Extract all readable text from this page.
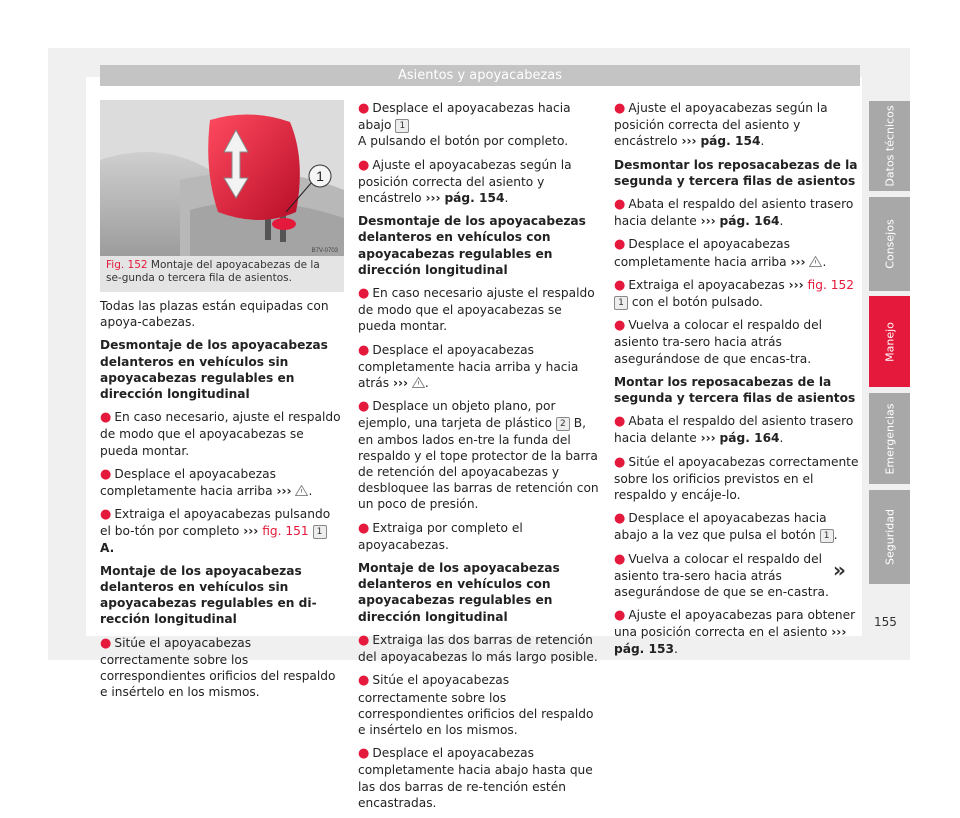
Asientos y apoyacabezas
Datos técnicos
Consejos
Manejo
Emergencias
Seguridad
1
B7V-0703
Fig. 152 Montaje del apoyacabezas de la se-gunda o tercera fila de asientos.

Todas las plazas están equipadas con apoya-cabezas.

Desmontaje de los apoyacabezas delanteros en vehículos sin apoyacabezas regulables en dirección longitudinal

● En caso necesario, ajuste el respaldo de modo que el apoyacabezas se pueda montar.

● Desplace el apoyacabezas completamente hacia arriba ››› .

● Extraiga el apoyacabezas pulsando el bo-tón por completo ››› fig. 151 1 A.

Montaje de los apoyacabezas delanteros en vehículos sin apoyacabezas regulables en di-rección longitudinal

● Sitúe el apoyacabezas correctamente sobre los correspondientes orificios del respaldo e insértelo en los mismos.

● Desplace el apoyacabezas hacia abajo 1
A pulsando el botón por completo.

● Ajuste el apoyacabezas según la posición correcta del asiento y encástrelo ››› pág. 154.

Desmontaje de los apoyacabezas delanteros en vehículos con apoyacabezas regulables en dirección longitudinal

● En caso necesario ajuste el respaldo de modo que el apoyacabezas se pueda montar.

● Desplace el apoyacabezas completamente hacia arriba y hacia atrás ››› .

● Desplace un objeto plano, por ejemplo, una tarjeta de plástico 2 B, en ambos lados en-tre la funda del respaldo y el tope protector de la barra de retención del apoyacabezas y desbloquee las barras de retención con un poco de presión.

● Extraiga por completo el apoyacabezas.

Montaje de los apoyacabezas delanteros en vehículos con apoyacabezas regulables en dirección longitudinal

● Extraiga las dos barras de retención del apoyacabezas lo más largo posible.

● Sitúe el apoyacabezas correctamente sobre los correspondientes orificios del respaldo e insértelo en los mismos.

● Desplace el apoyacabezas completamente hacia abajo hasta que las dos barras de re-tención estén encastradas.

● Ajuste el apoyacabezas según la posición correcta del asiento y encástrelo ››› pág. 154.

Desmontar los reposacabezas de la segunda y tercera filas de asientos

● Abata el respaldo del asiento trasero hacia delante ››› pág. 164.

● Desplace el apoyacabezas completamente hacia arriba ››› .

● Extraiga el apoyacabezas ››› fig. 152 1 con el botón pulsado.

● Vuelva a colocar el respaldo del asiento tra-sero hacia atrás asegurándose de que encas-tra.

Montar los reposacabezas de la segunda y tercera filas de asientos

● Abata el respaldo del asiento trasero hacia delante ››› pág. 164.

● Sitúe el apoyacabezas correctamente sobre los orificios previstos en el respaldo y encáje-lo.

● Desplace el apoyacabezas hacia abajo a la vez que pulsa el botón 1 .

● Vuelva a colocar el respaldo del asiento tra-sero hacia atrás asegurándose de que se en-castra.

● Ajuste el apoyacabezas para obtener una posición correcta en el asiento ››› pág. 153.

»
155
